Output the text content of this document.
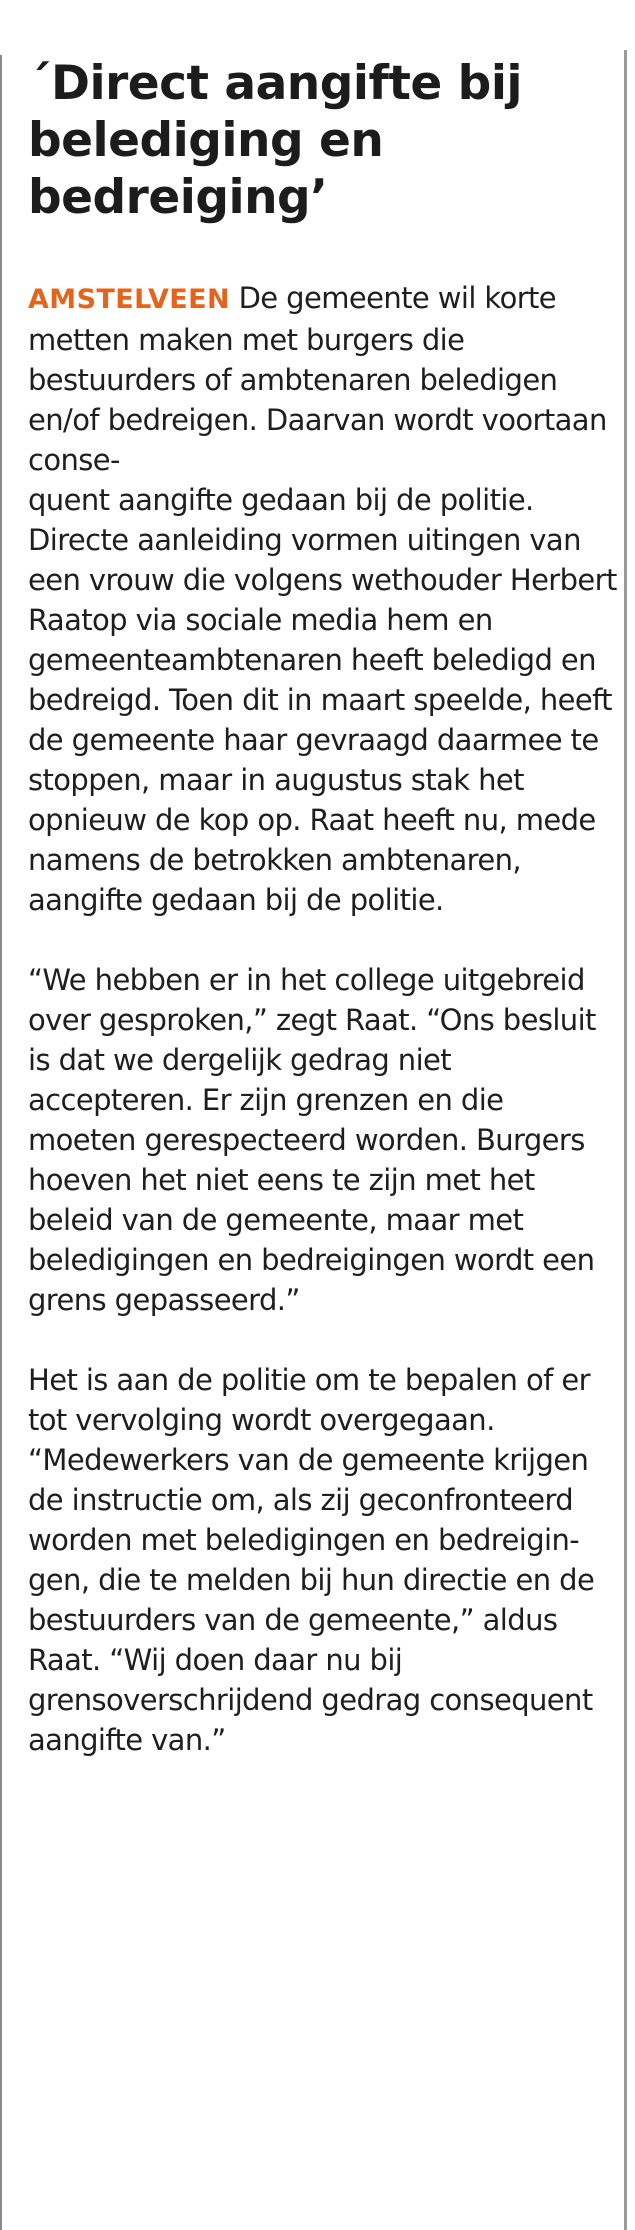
´Direct aangifte bij belediging en bedreiging’

AMSTELVEEN De gemeente wil korte metten maken met burgers die bestuurders of ambtenaren beledigen en/of bedreigen. Daarvan wordt voortaan conse-
quent aangifte gedaan bij de politie. Directe aanleiding vormen uitingen van een vrouw die volgens wethouder Herbert Raatop via sociale media hem en gemeenteambtenaren heeft beledigd en bedreigd. Toen dit in maart speelde, heeft de gemeente haar gevraagd daarmee te stoppen, maar in augustus stak het opnieuw de kop op. Raat heeft nu, mede namens de betrokken ambtenaren, aangifte gedaan bij de politie.

“We hebben er in het college uitgebreid over gesproken,” zegt Raat. “Ons besluit is dat we dergelijk gedrag niet accepteren. Er zijn grenzen en die moeten gerespecteerd worden. Burgers hoeven het niet eens te zijn met het beleid van de gemeente, maar met beledigingen en bedreigingen wordt een grens gepasseerd.”

Het is aan de politie om te bepalen of er tot vervolging wordt overgegaan. “Medewerkers van de gemeente krijgen de instructie om, als zij geconfronteerd worden met beledigingen en bedreigin-
gen, die te melden bij hun directie en de bestuurders van de gemeente,” aldus Raat. “Wij doen daar nu bij grensoverschrijdend gedrag consequent aangifte van.”
